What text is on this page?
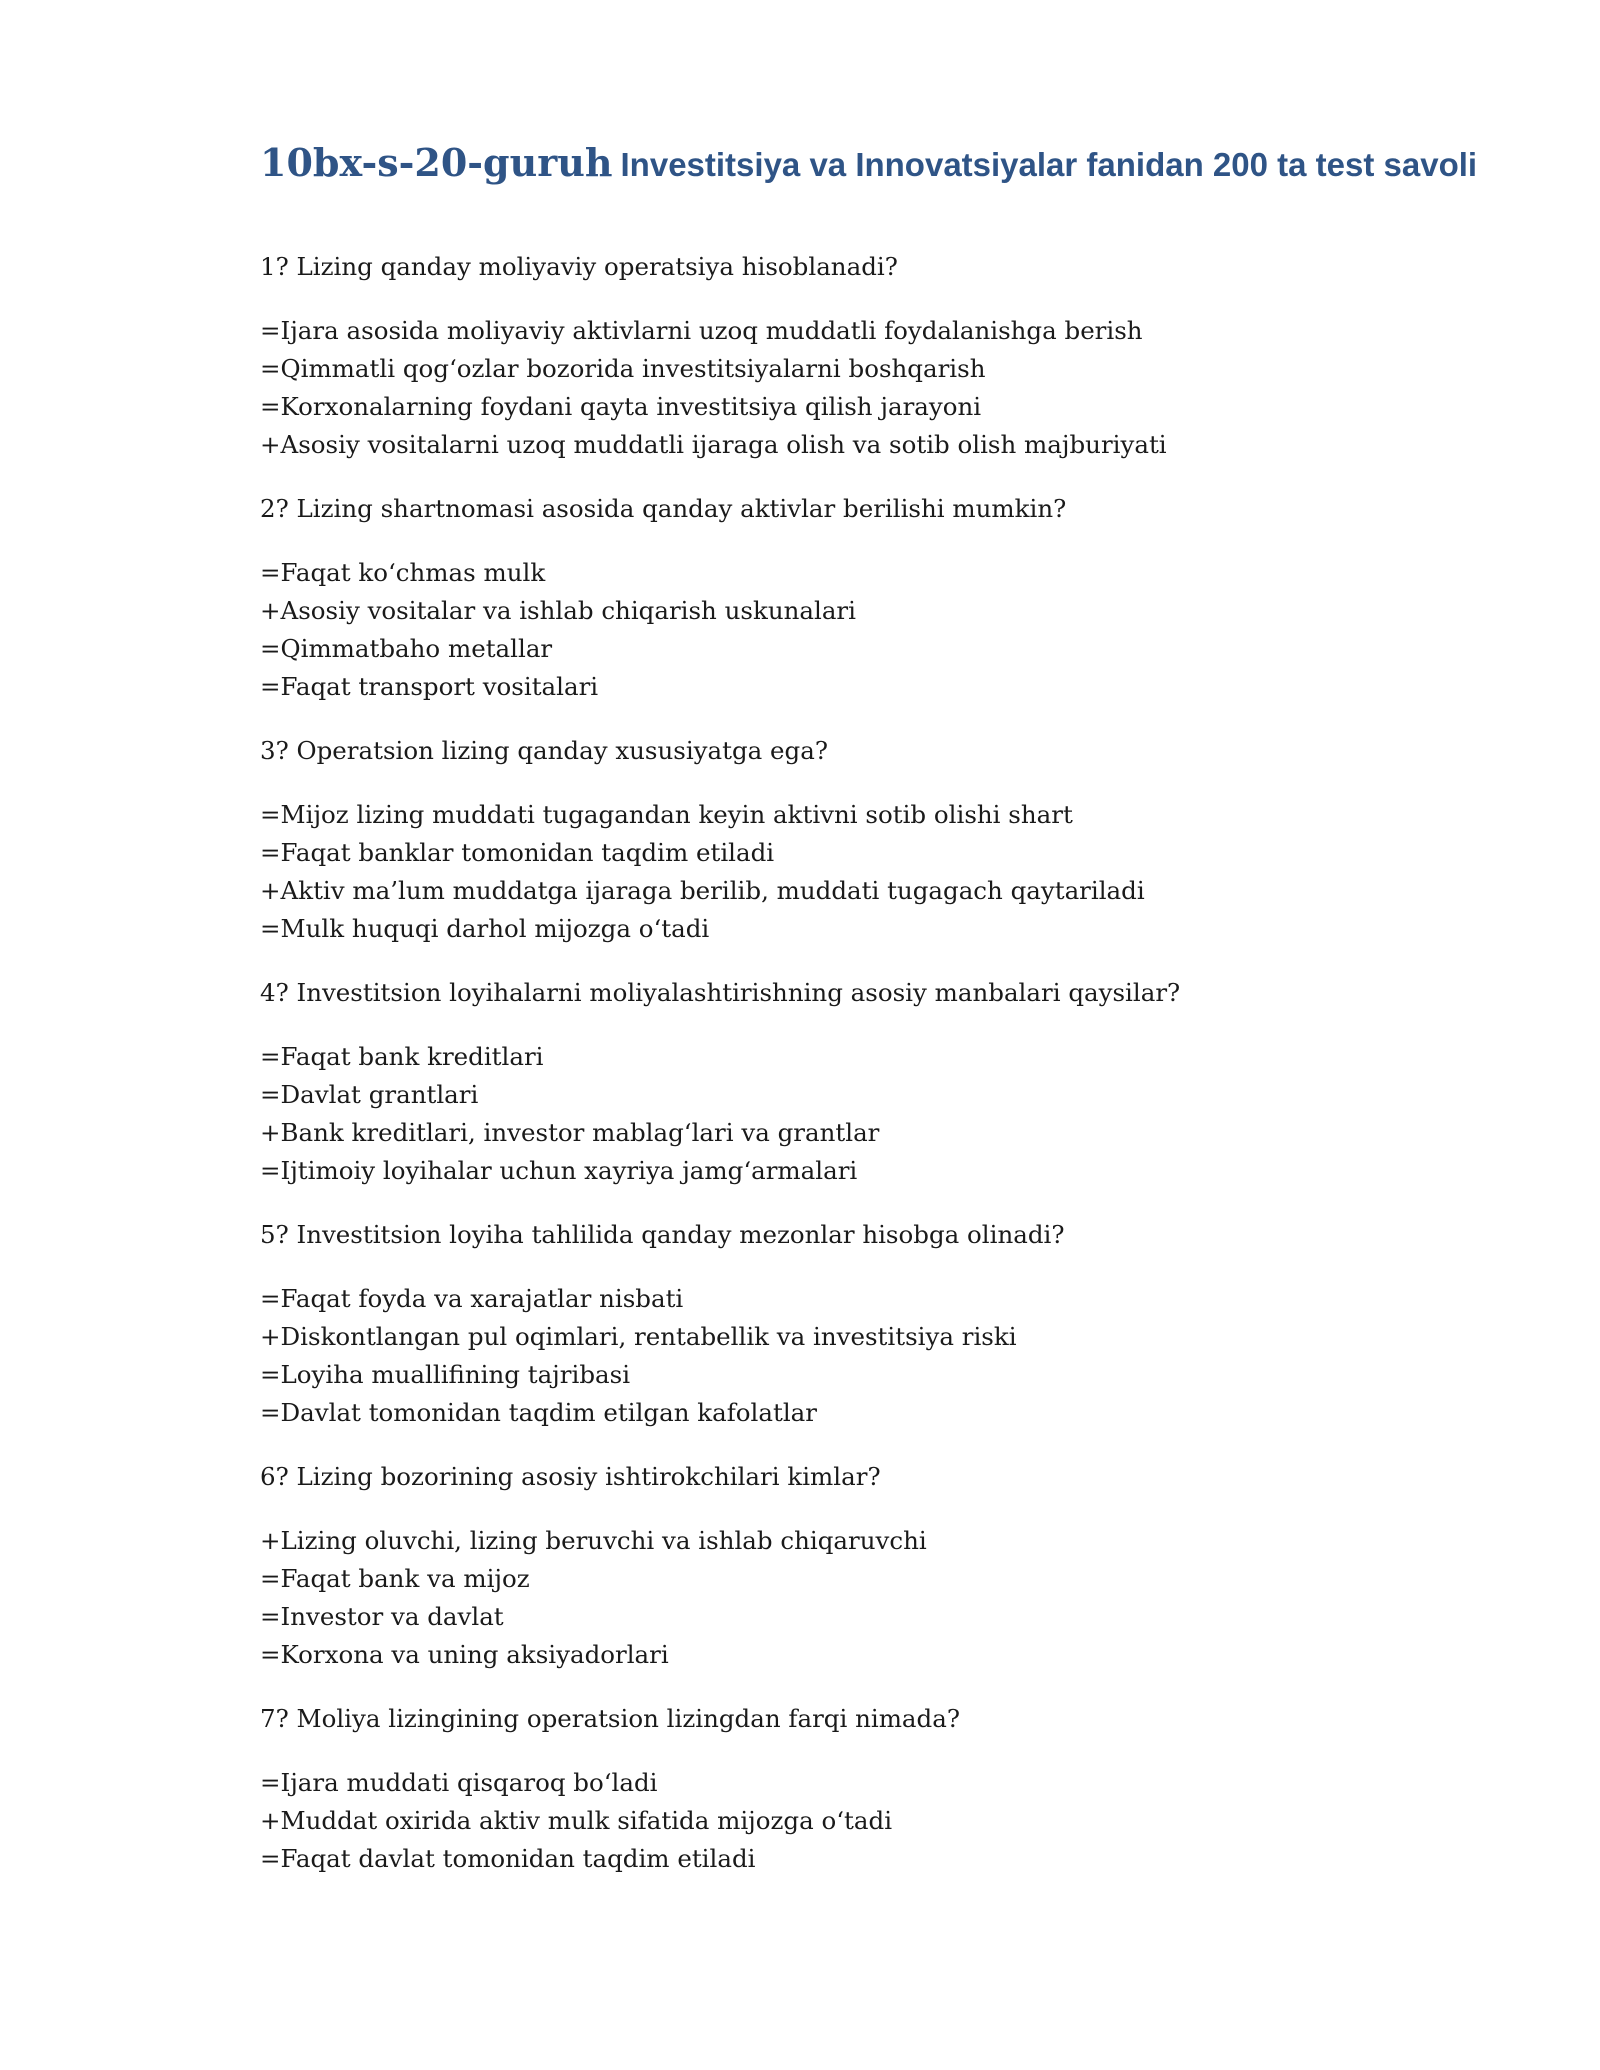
10bx-s-20-guruh Investitsiya va Innovatsiyalar fanidan 200 ta test savoli

1? Lizing qanday moliyaviy operatsiya hisoblanadi?

=Ijara asosida moliyaviy aktivlarni uzoq muddatli foydalanishga berish
=Qimmatli qog‘ozlar bozorida investitsiyalarni boshqarish
=Korxonalarning foydani qayta investitsiya qilish jarayoni
+Asosiy vositalarni uzoq muddatli ijaraga olish va sotib olish majburiyati

2? Lizing shartnomasi asosida qanday aktivlar berilishi mumkin?

=Faqat ko‘chmas mulk
+Asosiy vositalar va ishlab chiqarish uskunalari
=Qimmatbaho metallar
=Faqat transport vositalari

3? Operatsion lizing qanday xususiyatga ega?

=Mijoz lizing muddati tugagandan keyin aktivni sotib olishi shart
=Faqat banklar tomonidan taqdim etiladi
+Aktiv ma’lum muddatga ijaraga berilib, muddati tugagach qaytariladi
=Mulk huquqi darhol mijozga o‘tadi

4? Investitsion loyihalarni moliyalashtirishning asosiy manbalari qaysilar?

=Faqat bank kreditlari
=Davlat grantlari
+Bank kreditlari, investor mablag‘lari va grantlar
=Ijtimoiy loyihalar uchun xayriya jamg‘armalari

5? Investitsion loyiha tahlilida qanday mezonlar hisobga olinadi?

=Faqat foyda va xarajatlar nisbati
+Diskontlangan pul oqimlari, rentabellik va investitsiya riski
=Loyiha muallifining tajribasi
=Davlat tomonidan taqdim etilgan kafolatlar

6? Lizing bozorining asosiy ishtirokchilari kimlar?

+Lizing oluvchi, lizing beruvchi va ishlab chiqaruvchi
=Faqat bank va mijoz
=Investor va davlat
=Korxona va uning aksiyadorlari

7? Moliya lizingining operatsion lizingdan farqi nimada?

=Ijara muddati qisqaroq bo‘ladi
+Muddat oxirida aktiv mulk sifatida mijozga o‘tadi
=Faqat davlat tomonidan taqdim etiladi
